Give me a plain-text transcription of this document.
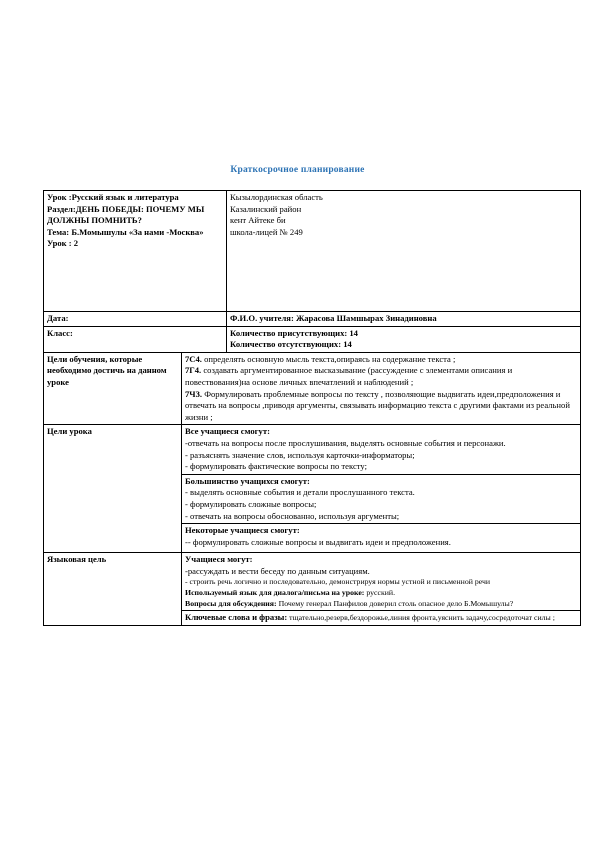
Краткосрочное планирование
Урок :Русский язык и литература
Раздел:ДЕНЬ ПОБЕДЫ: ПОЧЕМУ МЫ ДОЛЖНЫ ПОМНИТЬ?
Тема: Б.Момышулы «За нами -Москва»
Урок : 2		Кызылординская область
Казалинский район
кент Айтеке би
школа-лицей № 249

Дата:		Ф.И.О. учителя: Жарасова Шамшырах Зинадиновна
Класс:		Количество присутствующих: 14
Количество отсутствующих: 14

Цели обучения, которые необходимо достичь на данном уроке	7С4. определять основную мысль текста,опираясь на содержание текста ;
7Г4. создавать аргументированное высказывание (рассуждение с элементами описания и повествования)на основе личных впечатлений и наблюдений ;
7Ч3. Формулировать проблемные вопросы по тексту , позволяющие выдвигать идеи,предположения и отвечать на вопросы ,приводя аргументы, связывать информацию текста с другими фактами из реальной жизни ;	

Цели урока	Все учащиеся смогут:
-отвечать на вопросы после прослушивания, выделять основные события и персонажи.
- разъяснять значение слов, используя карточки-информаторы;
- формулировать фактические вопросы по тексту;	

	Большинство учащихся смогут:
- выделять основные события и детали прослушанного текста.
- формулировать сложные вопросы;
- отвечать на вопросы обоснованно, используя аргументы;	

	Некоторые учащиеся смогут:
-- формулировать сложные вопросы и выдвигать идеи и предположения.	

Языковая цель	Учащиеся могут:
-рассуждать и вести беседу по данным ситуациям.
- строить речь логично и последовательно, демонстрируя нормы устной и письменной речи
Используемый язык для диалога/письма на уроке: русский.
Вопросы для обсуждения: Почему генерал Панфилов доверил столь опасное дело Б.Момышулы?	

	Ключевые слова и фразы: тщательно,резерв,бездорожье,линия фронта,уяснить задачу,сосредоточат силы ;	
